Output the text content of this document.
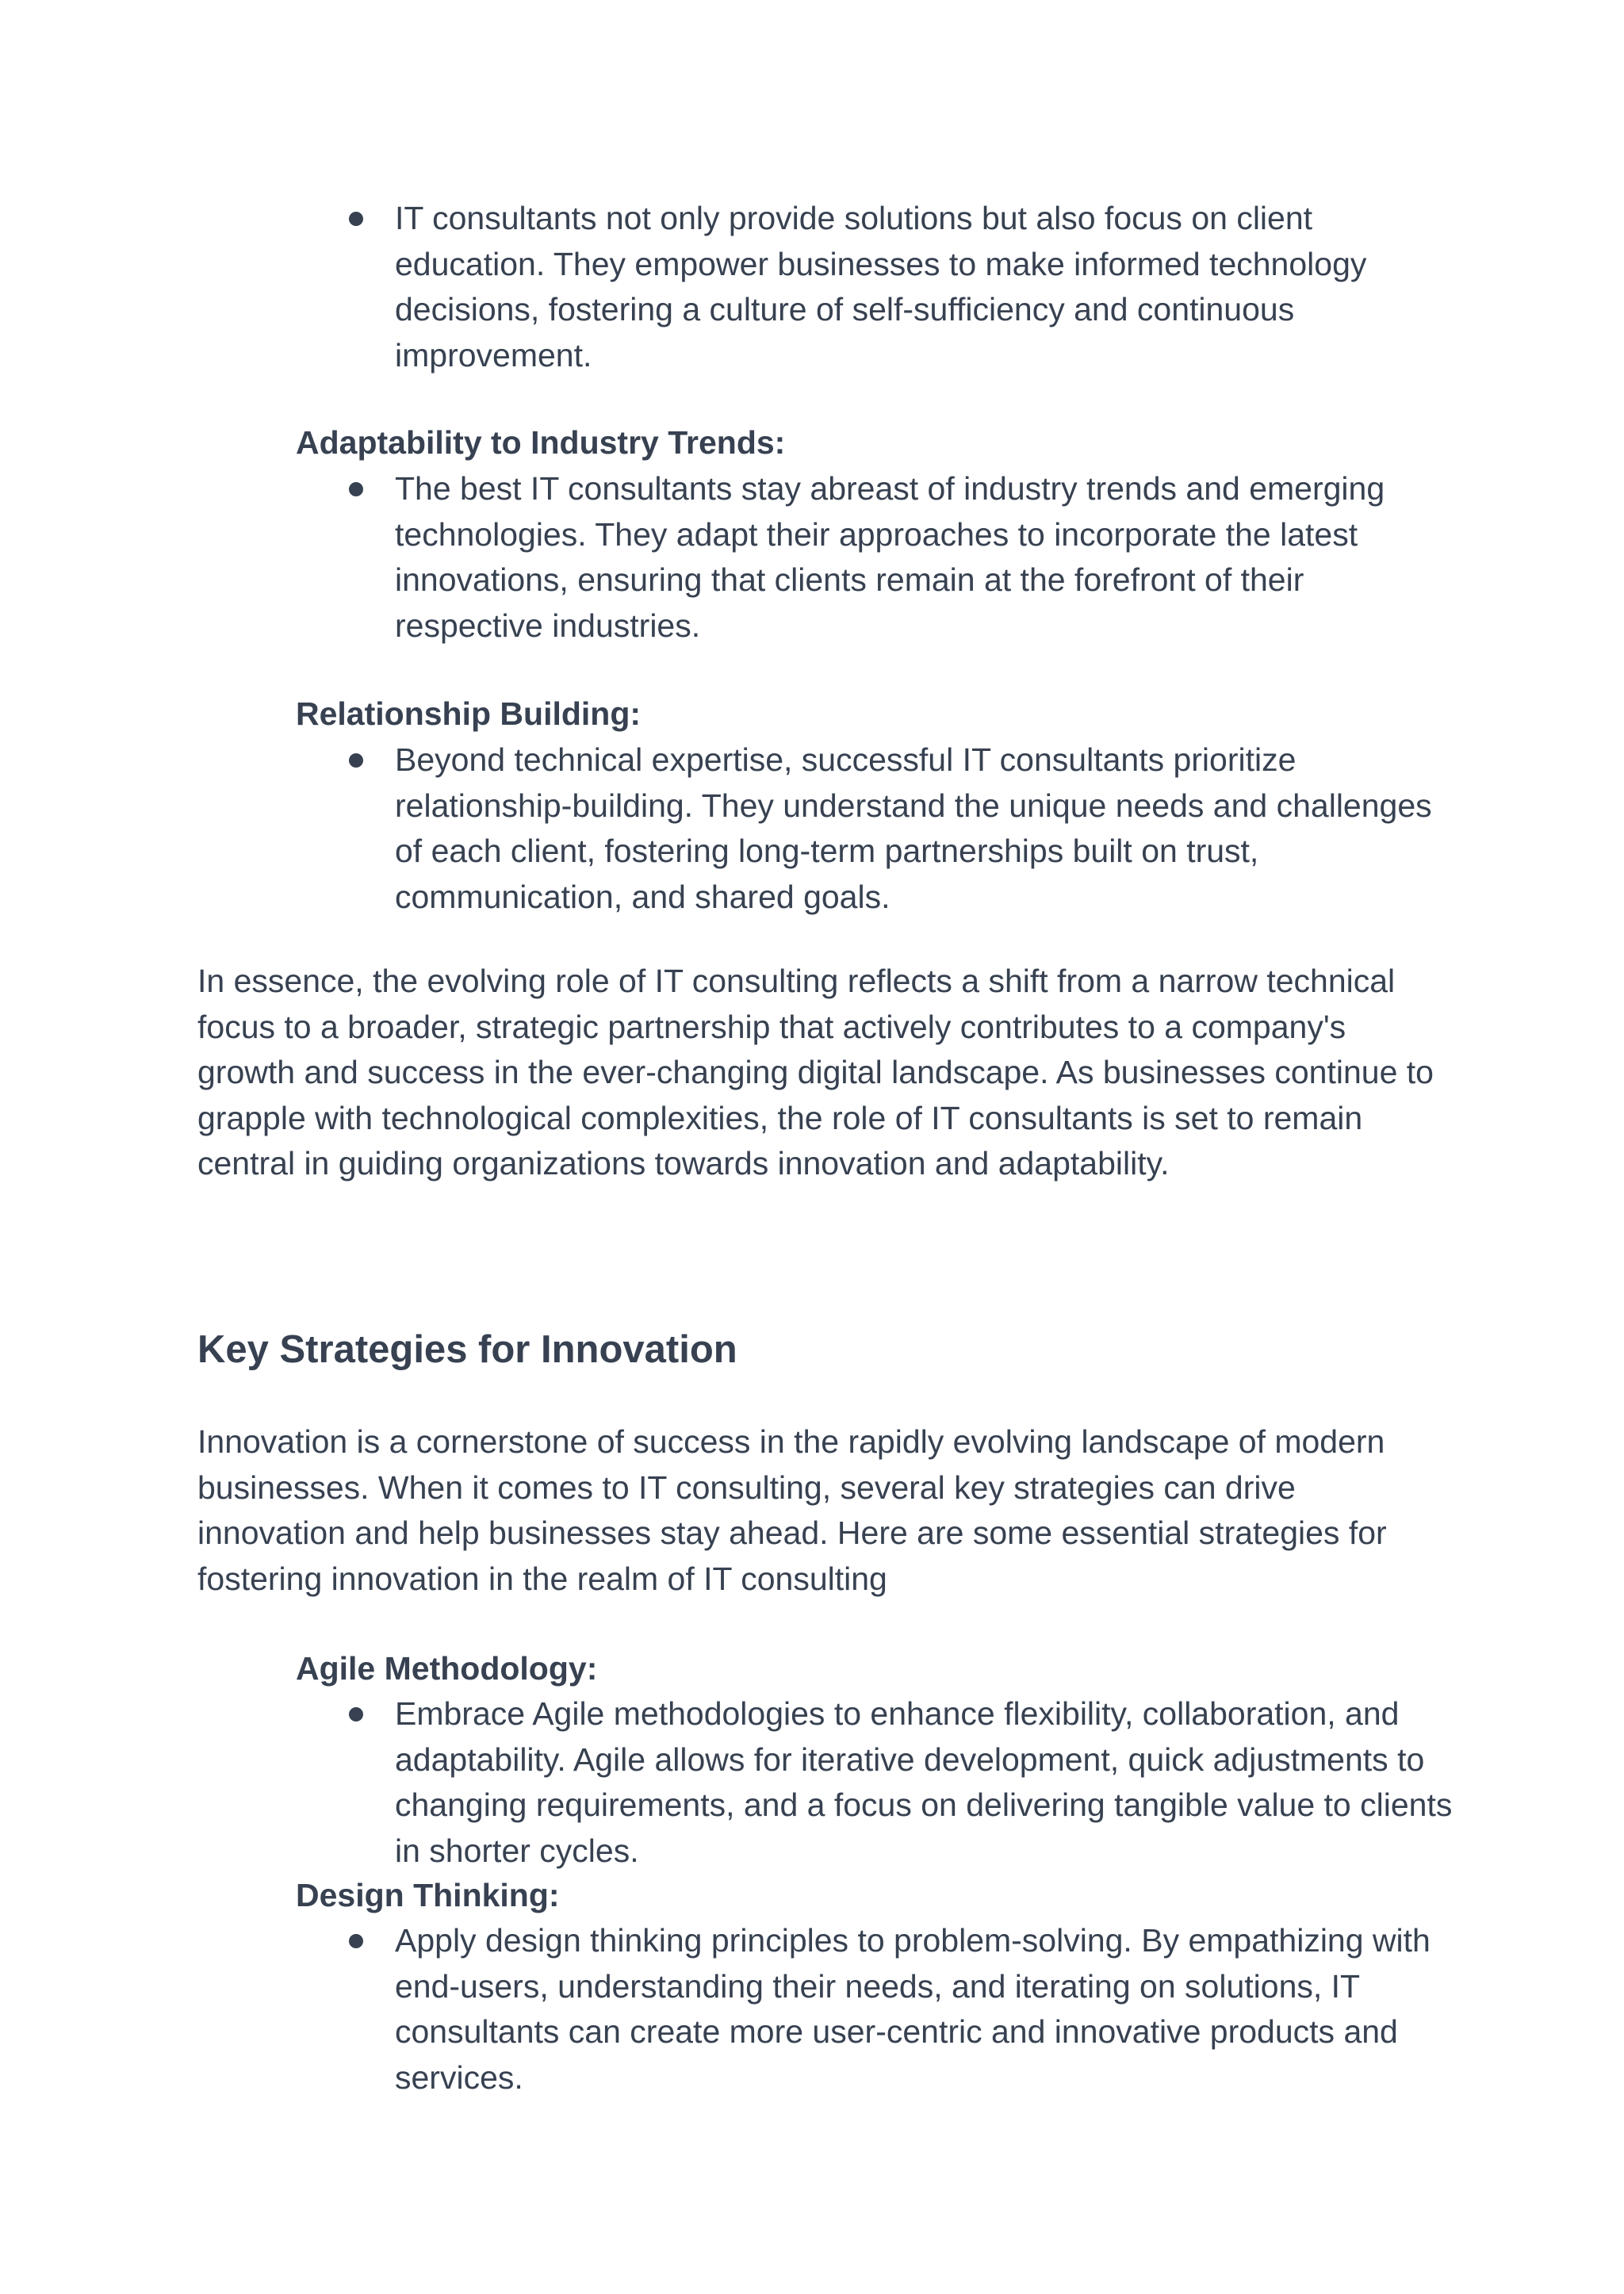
IT consultants not only provide solutions but also focus on client education. They empower businesses to make informed technology decisions, fostering a culture of self-sufficiency and continuous improvement.

Adaptability to Industry Trends:

The best IT consultants stay abreast of industry trends and emerging technologies. They adapt their approaches to incorporate the latest innovations, ensuring that clients remain at the forefront of their respective industries.

Relationship Building:

Beyond technical expertise, successful IT consultants prioritize relationship-building. They understand the unique needs and challenges of each client, fostering long-term partnerships built on trust, communication, and shared goals.

In essence, the evolving role of IT consulting reflects a shift from a narrow technical focus to a broader, strategic partnership that actively contributes to a company's growth and success in the ever-changing digital landscape. As businesses continue to grapple with technological complexities, the role of IT consultants is set to remain central in guiding organizations towards innovation and adaptability.

Key Strategies for Innovation

Innovation is a cornerstone of success in the rapidly evolving landscape of modern businesses. When it comes to IT consulting, several key strategies can drive innovation and help businesses stay ahead. Here are some essential strategies for fostering innovation in the realm of IT consulting

Agile Methodology:

Embrace Agile methodologies to enhance flexibility, collaboration, and adaptability. Agile allows for iterative development, quick adjustments to changing requirements, and a focus on delivering tangible value to clients in shorter cycles.

Design Thinking:

Apply design thinking principles to problem-solving. By empathizing with end-users, understanding their needs, and iterating on solutions, IT consultants can create more user-centric and innovative products and services.
